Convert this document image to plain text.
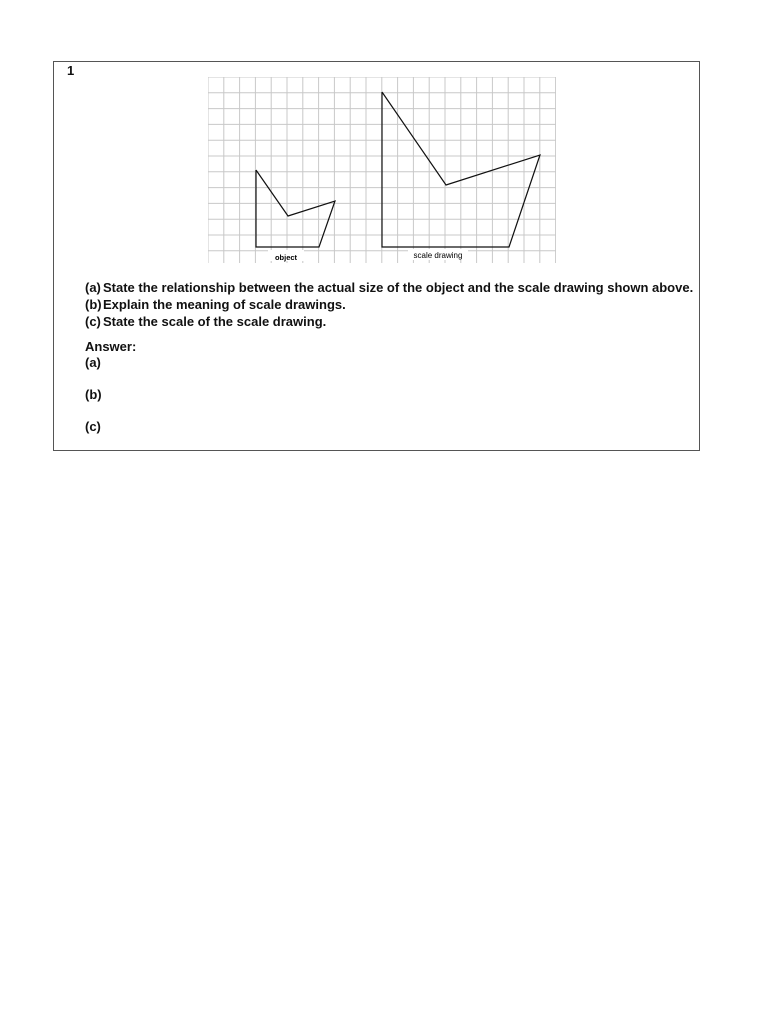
1
object	scale drawing
(a) State the relationship between the actual size of the object and the scale drawing shown above.
(b) Explain the meaning of scale drawings.
(c) State the scale of the scale drawing.
Answer:
(a)
(b)
(c)
